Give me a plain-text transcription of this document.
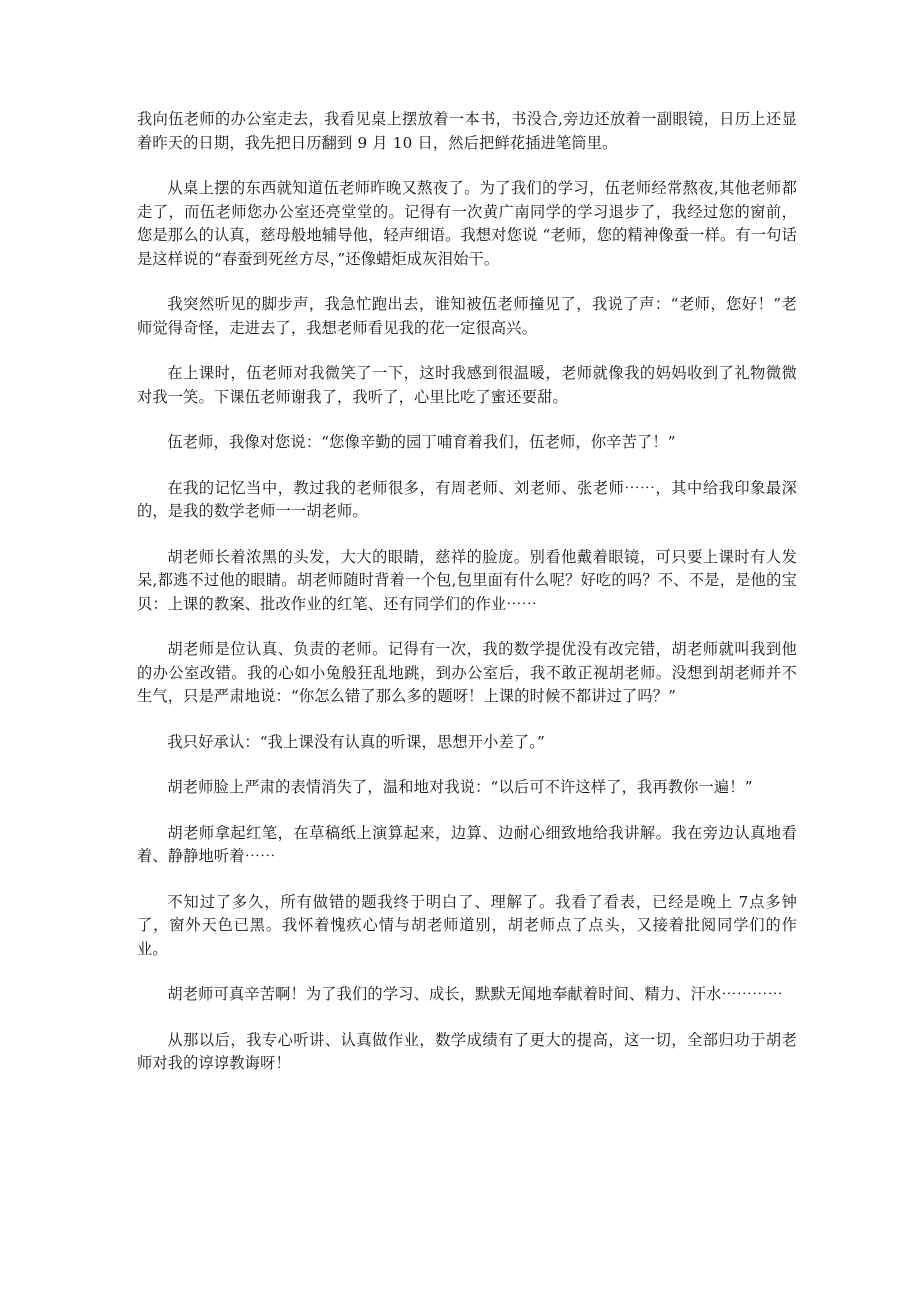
我向伍老师的办公室走去，我看见桌上摆放着一本书，书没合,旁边还放着一副眼镜，日历上还显着昨天的日期，我先把日历翻到 9 月 10 日，然后把鲜花插进笔筒里。

从桌上摆的东西就知道伍老师昨晚又熬夜了。为了我们的学习，伍老师经常熬夜,其他老师都走了，而伍老师您办公室还亮堂堂的。记得有一次黄广南同学的学习退步了，我经过您的窗前，您是那么的认真，慈母般地辅导他，轻声细语。我想对您说 “老师，您的精神像蚕一样。有一句话是这样说的“春蚕到死丝方尽，”还像蜡炬成灰泪始干。

我突然听见的脚步声，我急忙跑出去，谁知被伍老师撞见了，我说了声：“老师，您好！”老师觉得奇怪，走进去了，我想老师看见我的花一定很高兴。

在上课时，伍老师对我微笑了一下，这时我感到很温暖，老师就像我的妈妈收到了礼物微微对我一笑。下课伍老师谢我了，我听了，心里比吃了蜜还要甜。

伍老师，我像对您说：“您像辛勤的园丁哺育着我们，伍老师，你辛苦了！”

在我的记忆当中，教过我的老师很多，有周老师、刘老师、张老师⋯⋯，其中给我印象最深的，是我的数学老师一一胡老师。

胡老师长着浓黑的头发，大大的眼睛，慈祥的脸庞。别看他戴着眼镜，可只要上课时有人发呆,都逃不过他的眼睛。胡老师随时背着一个包,包里面有什么呢？好吃的吗？不、不是，是他的宝贝：上课的教案、批改作业的红笔、还有同学们的作业⋯⋯

胡老师是位认真、负责的老师。记得有一次，我的数学提优没有改完错，胡老师就叫我到他的办公室改错。我的心如小兔般狂乱地跳，到办公室后，我不敢正视胡老师。没想到胡老师并不生气，只是严肃地说：“你怎么错了那么多的题呀！上课的时候不都讲过了吗？”

我只好承认：“我上课没有认真的听课，思想开小差了。”

胡老师脸上严肃的表情消失了，温和地对我说：“以后可不许这样了，我再教你一遍！”

胡老师拿起红笔，在草稿纸上演算起来，边算、边耐心细致地给我讲解。我在旁边认真地看着、静静地听着⋯⋯

不知过了多久，所有做错的题我终于明白了、理解了。我看了看表，已经是晚上 7点多钟了，窗外天色已黑。我怀着愧疚心情与胡老师道别，胡老师点了点头，又接着批阅同学们的作业。

胡老师可真辛苦啊！为了我们的学习、成长，默默无闻地奉献着时间、精力、汗水⋯⋯⋯⋯

从那以后，我专心听讲、认真做作业，数学成绩有了更大的提高，这一切，全部归功于胡老师对我的谆谆教诲呀！
